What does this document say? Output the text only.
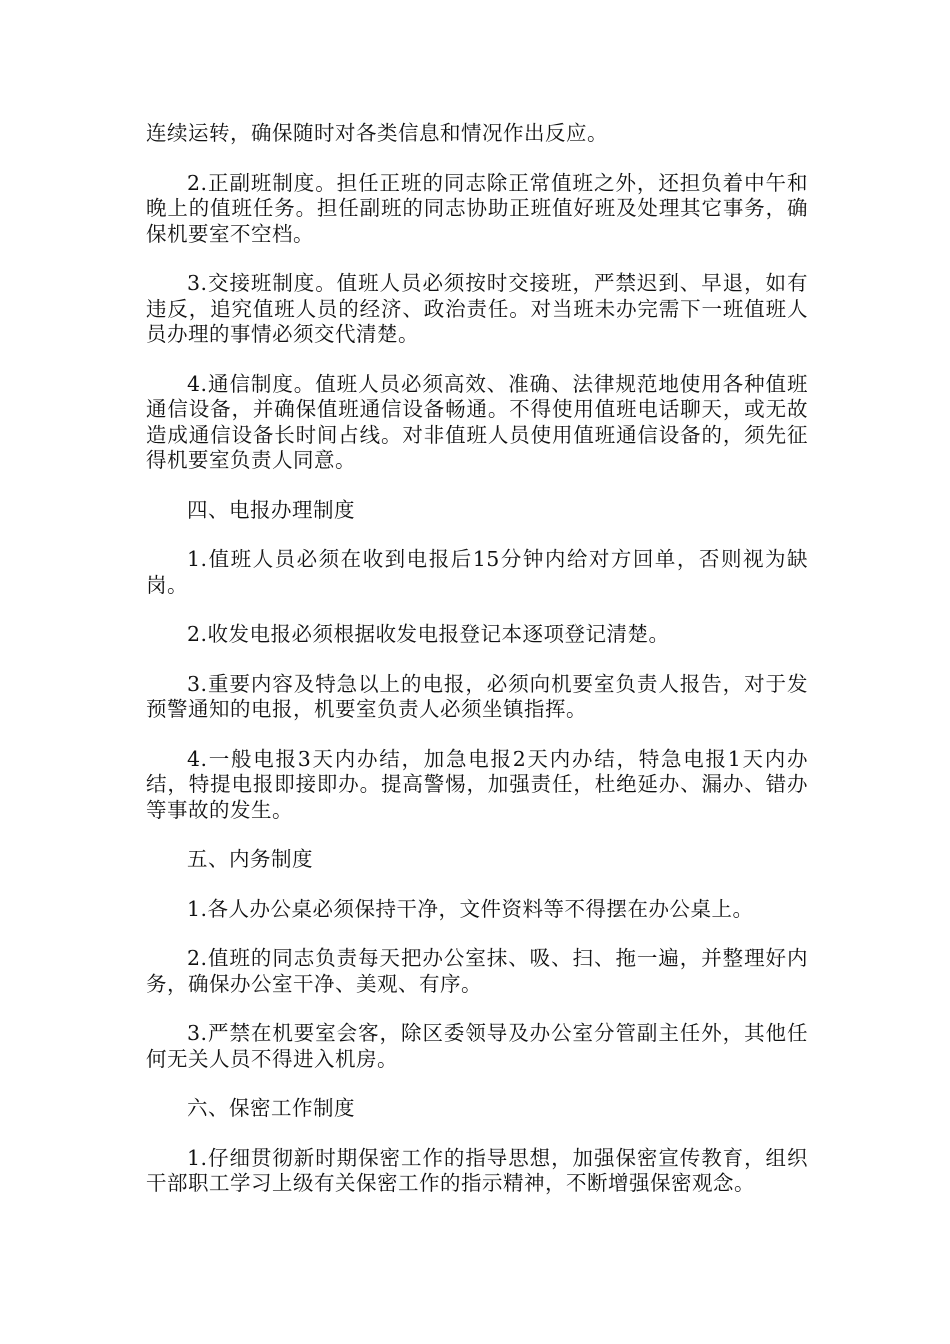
连续运转，确保随时对各类信息和情况作出反应。

2.正副班制度。担任正班的同志除正常值班之外，还担负着中午和晚上的值班任务。担任副班的同志协助正班值好班及处理其它事务，确保机要室不空档。

3.交接班制度。值班人员必须按时交接班，严禁迟到、早退，如有违反，追究值班人员的经济、政治责任。对当班未办完需下一班值班人员办理的事情必须交代清楚。

4.通信制度。值班人员必须高效、准确、法律规范地使用各种值班通信设备，并确保值班通信设备畅通。不得使用值班电话聊天，或无故造成通信设备长时间占线。对非值班人员使用值班通信设备的，须先征得机要室负责人同意。

四、电报办理制度

1.值班人员必须在收到电报后15分钟内给对方回单，否则视为缺岗。

2.收发电报必须根据收发电报登记本逐项登记清楚。

3.重要内容及特急以上的电报，必须向机要室负责人报告，对于发预警通知的电报，机要室负责人必须坐镇指挥。

4.一般电报3天内办结，加急电报2天内办结，特急电报1天内办结，特提电报即接即办。提高警惕，加强责任，杜绝延办、漏办、错办等事故的发生。

五、内务制度

1.各人办公桌必须保持干净，文件资料等不得摆在办公桌上。

2.值班的同志负责每天把办公室抹、吸、扫、拖一遍，并整理好内务，确保办公室干净、美观、有序。

3.严禁在机要室会客，除区委领导及办公室分管副主任外，其他任何无关人员不得进入机房。

六、保密工作制度

1.仔细贯彻新时期保密工作的指导思想，加强保密宣传教育，组织干部职工学习上级有关保密工作的指示精神，不断增强保密观念。
